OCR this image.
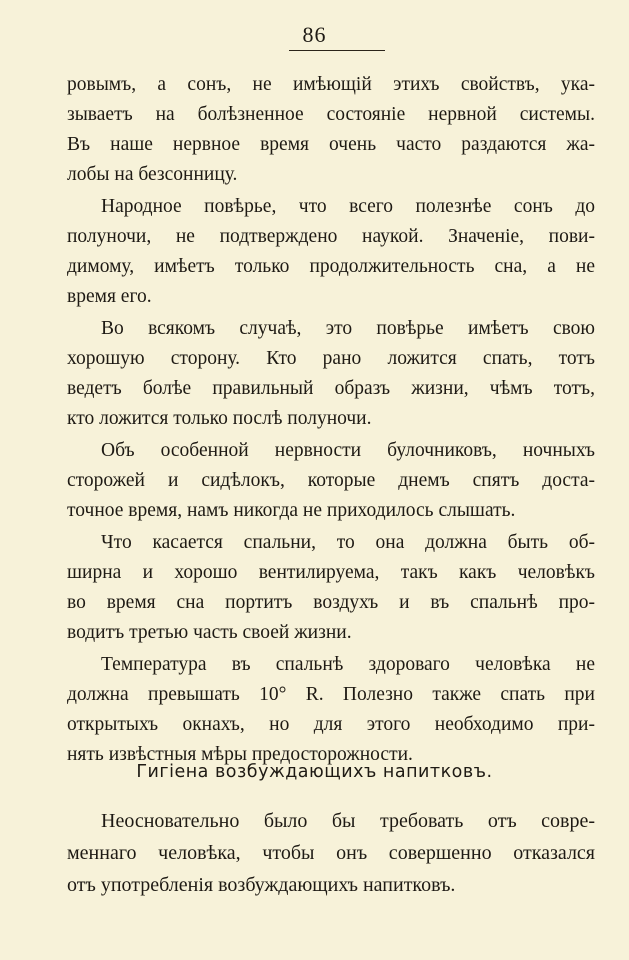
86
ровымъ, а сонъ, не имѣющій этихъ свойствъ, ука-
зываетъ на болѣзненное состояніе нервной системы.
Въ наше нервное время очень часто раздаются жа-
лобы на безсонницу.
Народное повѣрье, что всего полезнѣе сонъ до
полуночи, не подтверждено наукой. Значеніе, пови-
димому, имѣетъ только продолжительность сна, а не
время его.
Во всякомъ случаѣ, это повѣрье имѣетъ свою
хорошую сторону. Кто рано ложится спать, тотъ
ведетъ болѣе правильный образъ жизни, чѣмъ тотъ,
кто ложится только послѣ полуночи.
Объ особенной нервности булочниковъ, ночныхъ
сторожей и сидѣлокъ, которые днемъ спятъ доста-
точное время, намъ никогда не приходилось слышать.
Что касается спальни, то она должна быть об-
ширна и хорошо вентилируема, такъ какъ человѣкъ
во время сна портитъ воздухъ и въ спальнѣ про-
водитъ третью часть своей жизни.
Температура въ спальнѣ здороваго человѣка не
должна превышать 10° R. Полезно также спать при
открытыхъ окнахъ, но для этого необходимо при-
нять извѣстныя мѣры предосторожности.
Гигіена возбуждающихъ напитковъ.
Неосновательно было бы требовать отъ совре-
меннаго человѣка, чтобы онъ совершенно отказался
отъ употребленія возбуждающихъ напитковъ.
